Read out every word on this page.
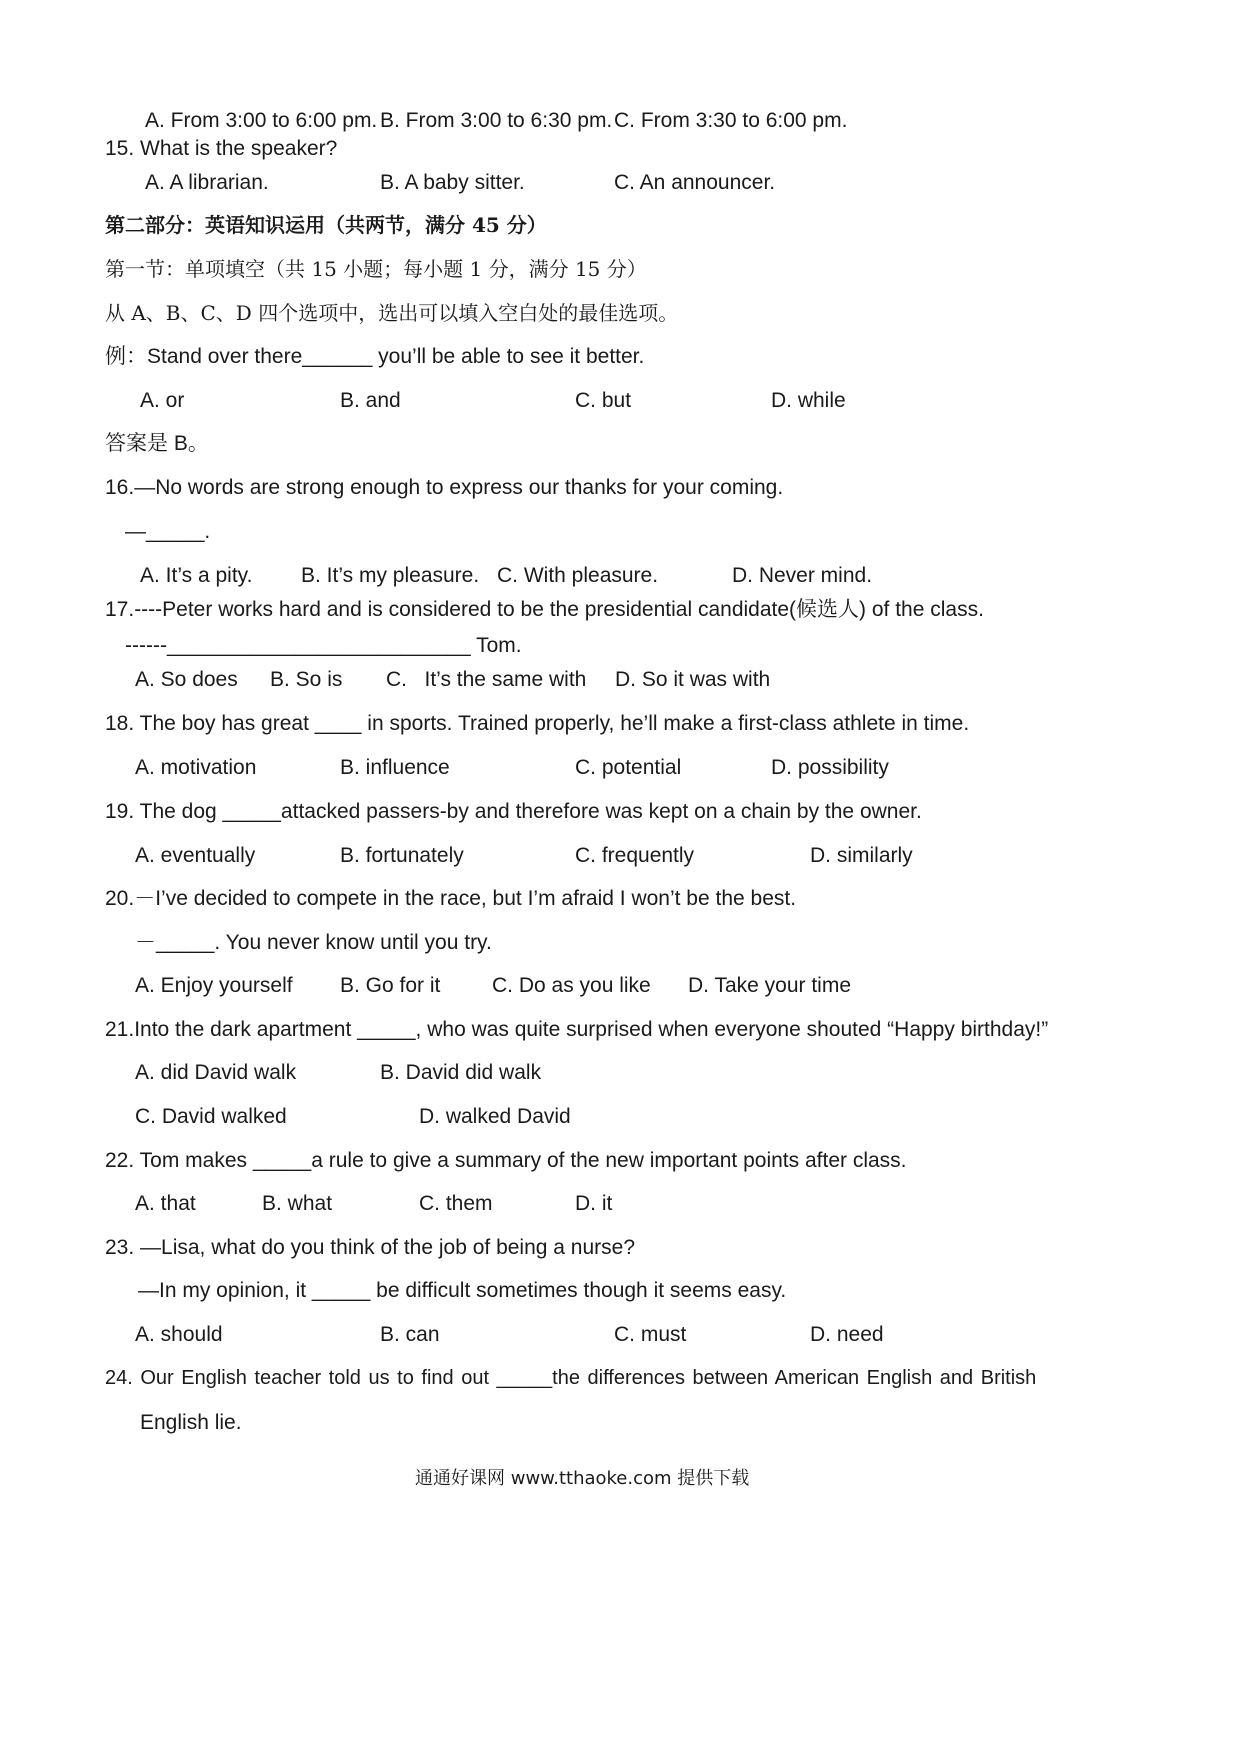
A. From 3:00 to 6:00 pm. B. From 3:00 to 6:30 pm. C. From 3:30 to 6:00 pm.
15. What is the speaker?
A. A librarian.	B. A baby sitter.	C. An announcer.
第二部分：英语知识运用（共两节，满分 45 分）
第一节：单项填空（共 15 小题；每小题 1 分，满分 15 分）
从 A、B、C、D 四个选项中，选出可以填入空白处的最佳选项。
例：Stand over there______ you’ll be able to see it better.
A. or	B. and	C. but	D. while
答案是 B。
16.—No words are strong enough to express our thanks for your coming.
—_____.
A. It’s a pity. B. It’s my pleasure. C. With pleasure.	D. Never mind.
17.----Peter works hard and is considered to be the presidential candidate(候选人) of the class.
------__________________________ Tom.
A. So does B. So is C.   It’s the same with D. So it was with
18. The boy has great ____ in sports. Trained properly, he’ll make a first-class athlete in time.
A. motivation	B. influence	C. potential	D. possibility
19. The dog _____attacked passers-by and therefore was kept on a chain by the owner.
A. eventually	B. fortunately	C. frequently	D. similarly
20.－I’ve decided to compete in the race, but I’m afraid I won’t be the best.
－_____. You never know until you try.
A. Enjoy yourself B. Go for it C. Do as you like D. Take your time
21.Into the dark apartment _____, who was quite surprised when everyone shouted “Happy birthday!”
A. did David walk	B. David did walk
C. David walked	D. walked David
22. Tom makes _____a rule to give a summary of the new important points after class.
A. that	B. what	C. them	D. it
23. —Lisa, what do you think of the job of being a nurse?
—In my opinion, it _____ be difficult sometimes though it seems easy.
A. should	B. can	C. must	D. need
24. Our English teacher told us to find out _____the differences between American English and British
English lie.
通通好课网 www.tthaoke.com 提供下载
